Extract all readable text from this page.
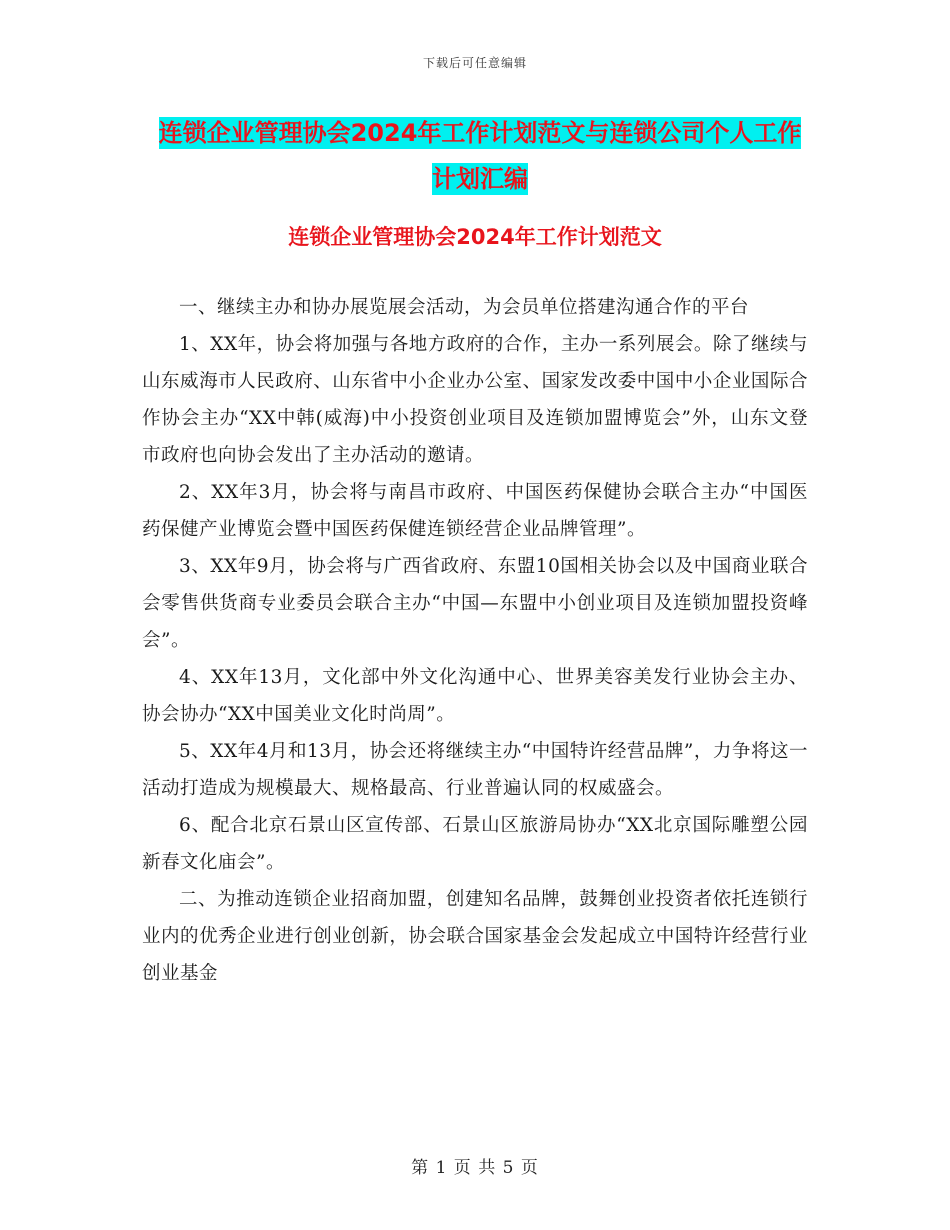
下载后可任意编辑
连锁企业管理协会2024年工作计划范文与连锁公司个人工作计划汇编
连锁企业管理协会2024年工作计划范文

一、继续主办和协办展览展会活动，为会员单位搭建沟通合作的平台

1、XX年，协会将加强与各地方政府的合作，主办一系列展会。除了继续与山东威海市人民政府、山东省中小企业办公室、国家发改委中国中小企业国际合作协会主办“XX中韩(威海)中小投资创业项目及连锁加盟博览会”外，山东文登市政府也向协会发出了主办活动的邀请。

2、XX年3月，协会将与南昌市政府、中国医药保健协会联合主办“中国医药保健产业博览会暨中国医药保健连锁经营企业品牌管理”。

3、XX年9月，协会将与广西省政府、东盟10国相关协会以及中国商业联合会零售供货商专业委员会联合主办“中国—东盟中小创业项目及连锁加盟投资峰会”。

4、XX年13月，文化部中外文化沟通中心、世界美容美发行业协会主办、协会协办“XX中国美业文化时尚周”。

5、XX年4月和13月，协会还将继续主办“中国特许经营品牌”，力争将这一活动打造成为规模最大、规格最高、行业普遍认同的权威盛会。

6、配合北京石景山区宣传部、石景山区旅游局协办“XX北京国际雕塑公园新春文化庙会”。

二、为推动连锁企业招商加盟，创建知名品牌，鼓舞创业投资者依托连锁行业内的优秀企业进行创业创新，协会联合国家基金会发起成立中国特许经营行业创业基金

第 1 页 共 5 页
